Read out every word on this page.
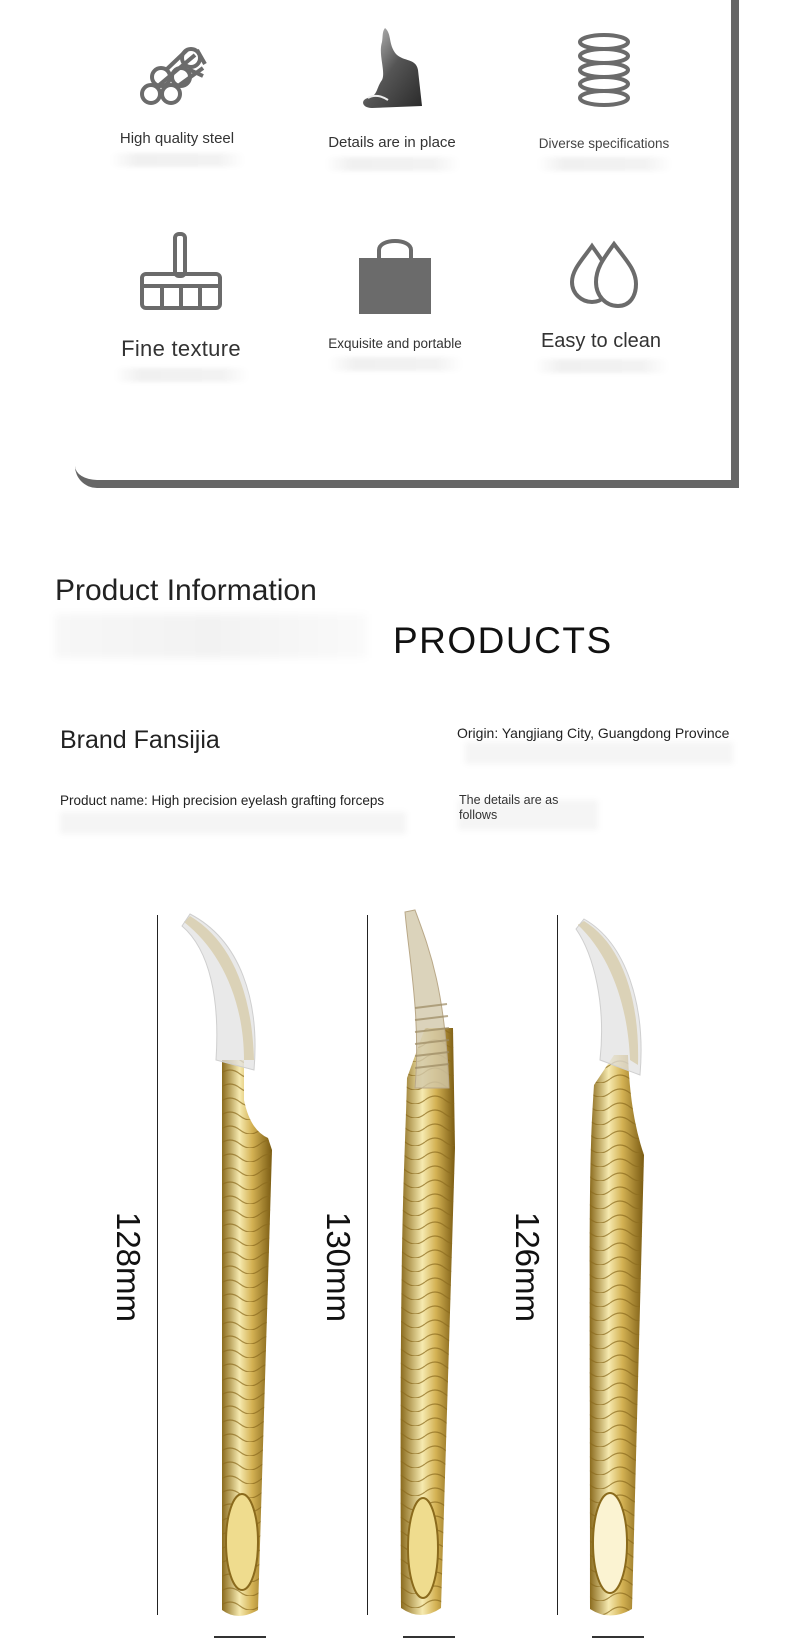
High quality steel	Details are in place	Diverse specifications
Fine texture	Exquisite and portable	Easy to clean
Product Information
PRODUCTS
Brand Fansijia	Origin: Yangjiang City, Guangdong Province
Product name: High precision eyelash grafting forceps	The details are as follows
128mm	130mm	126mm
